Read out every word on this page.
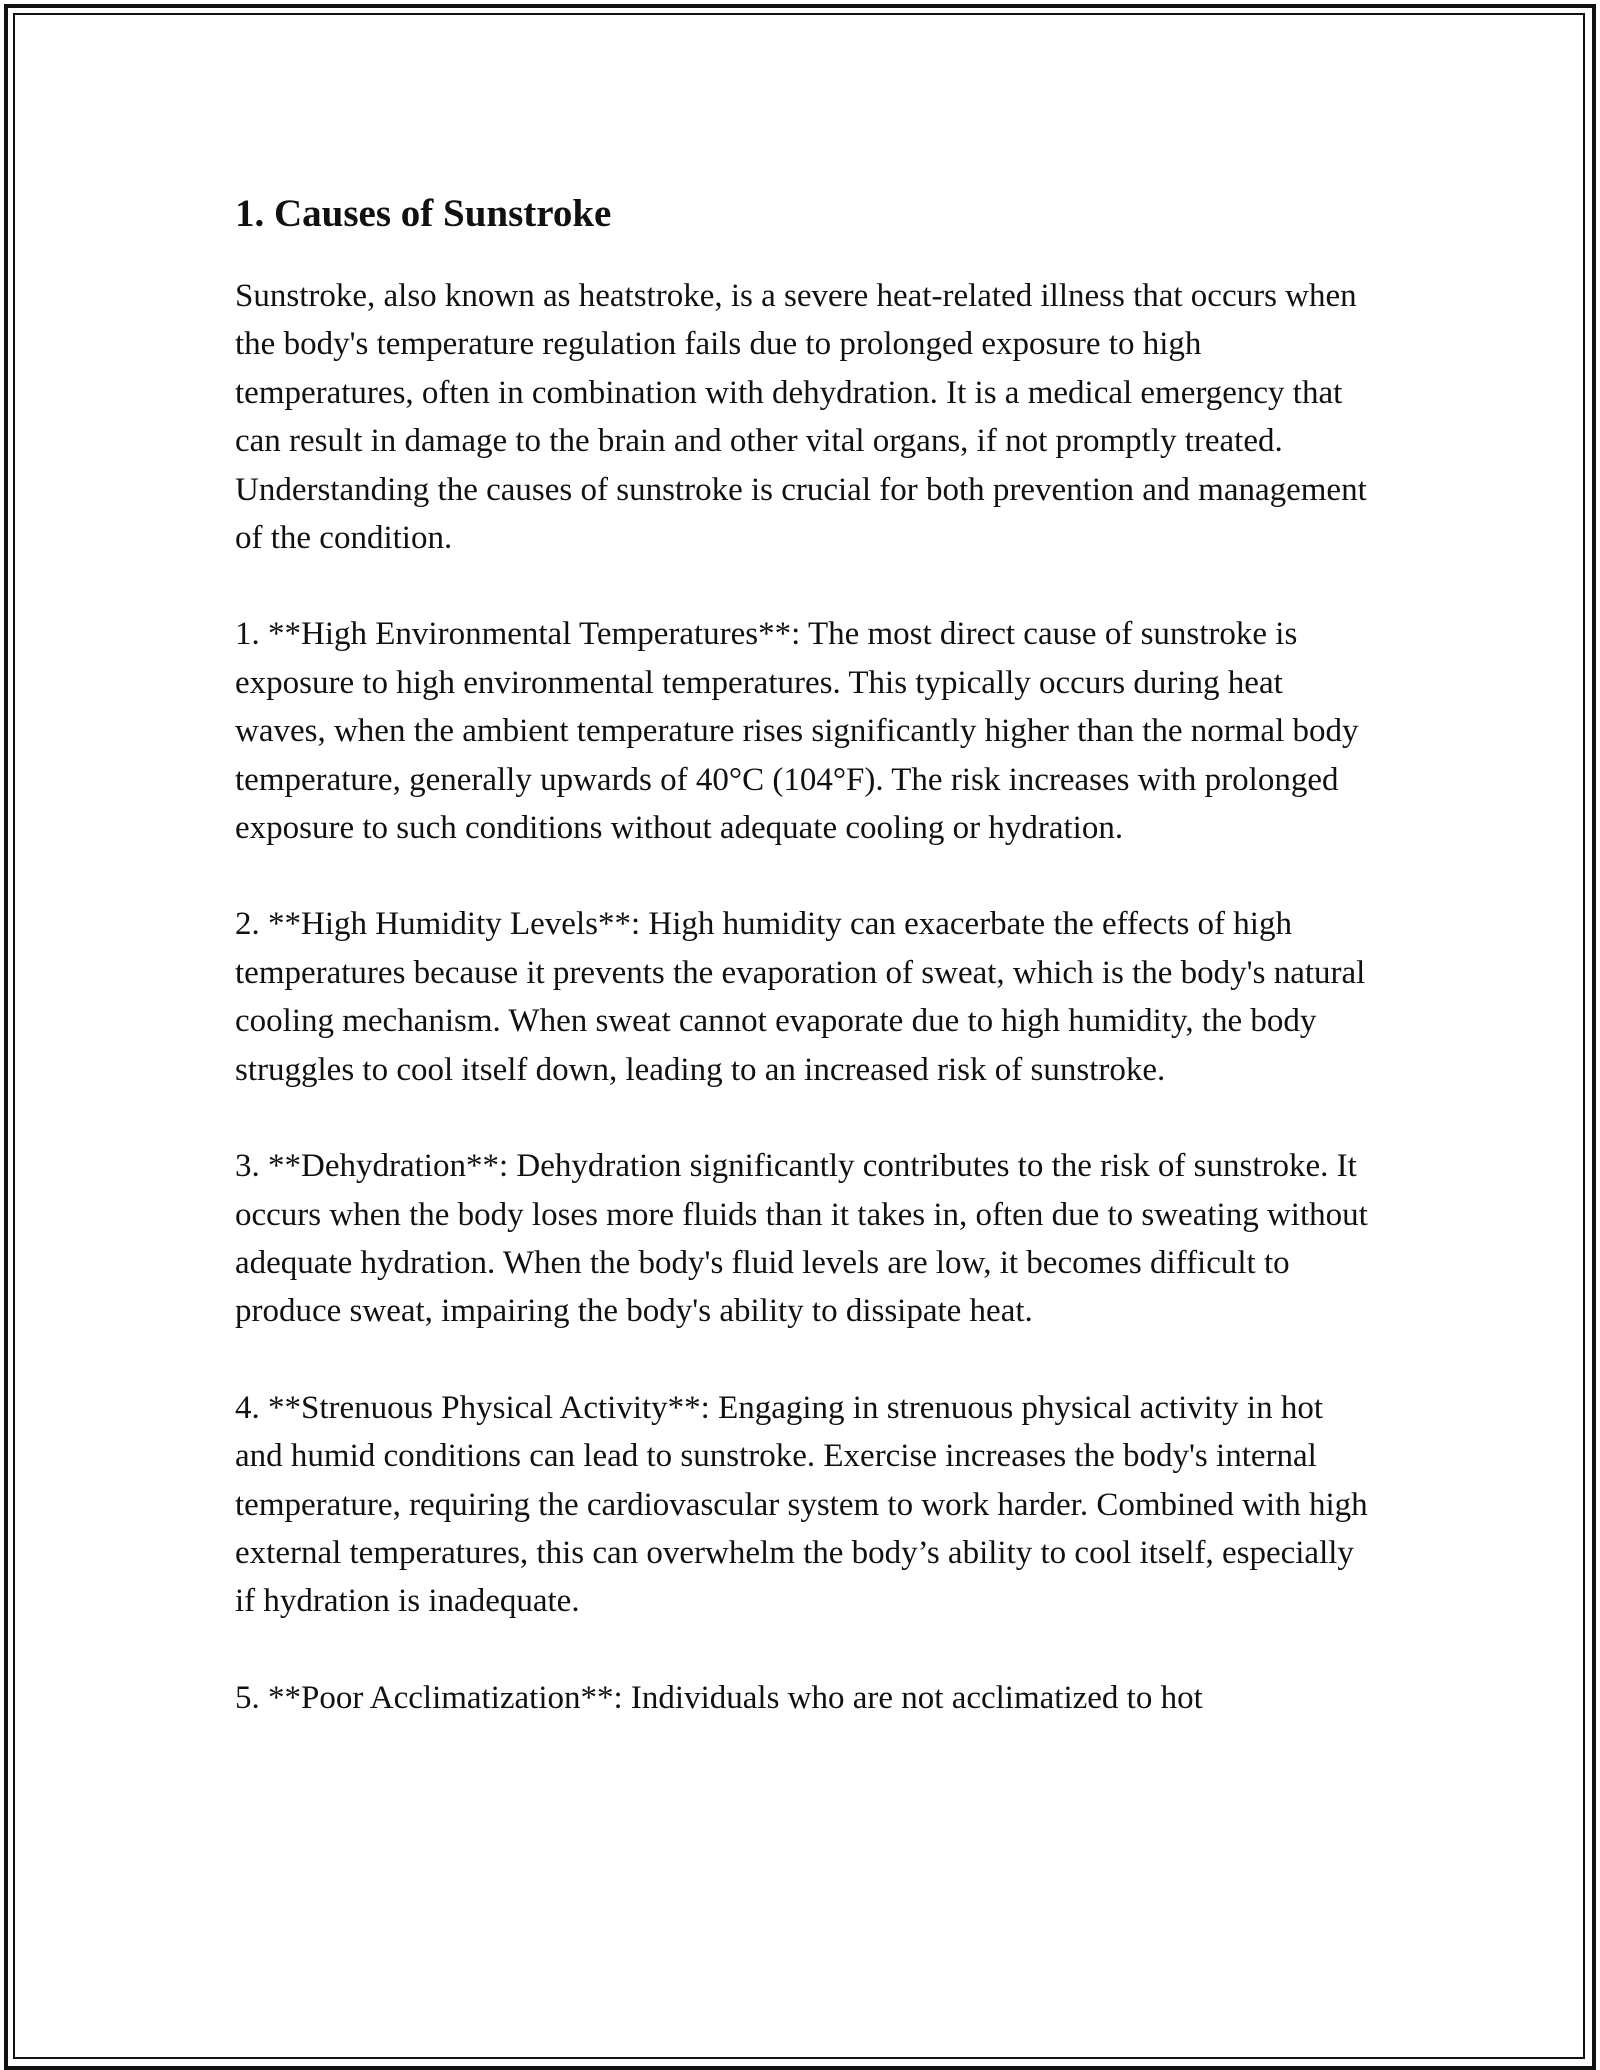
1. Causes of Sunstroke

Sunstroke, also known as heatstroke, is a severe heat-related illness that occurs when the body's temperature regulation fails due to prolonged exposure to high temperatures, often in combination with dehydration. It is a medical emergency that can result in damage to the brain and other vital organs, if not promptly treated. Understanding the causes of sunstroke is crucial for both prevention and management of the condition.

1. **High Environmental Temperatures**: The most direct cause of sunstroke is exposure to high environmental temperatures. This typically occurs during heat waves, when the ambient temperature rises significantly higher than the normal body temperature, generally upwards of 40°C (104°F). The risk increases with prolonged exposure to such conditions without adequate cooling or hydration.

2. **High Humidity Levels**: High humidity can exacerbate the effects of high temperatures because it prevents the evaporation of sweat, which is the body's natural cooling mechanism. When sweat cannot evaporate due to high humidity, the body struggles to cool itself down, leading to an increased risk of sunstroke.

3. **Dehydration**: Dehydration significantly contributes to the risk of sunstroke. It occurs when the body loses more fluids than it takes in, often due to sweating without adequate hydration. When the body's fluid levels are low, it becomes difficult to produce sweat, impairing the body's ability to dissipate heat.

4. **Strenuous Physical Activity**: Engaging in strenuous physical activity in hot and humid conditions can lead to sunstroke. Exercise increases the body's internal temperature, requiring the cardiovascular system to work harder. Combined with high external temperatures, this can overwhelm the body’s ability to cool itself, especially if hydration is inadequate.

5. **Poor Acclimatization**: Individuals who are not acclimatized to hot
